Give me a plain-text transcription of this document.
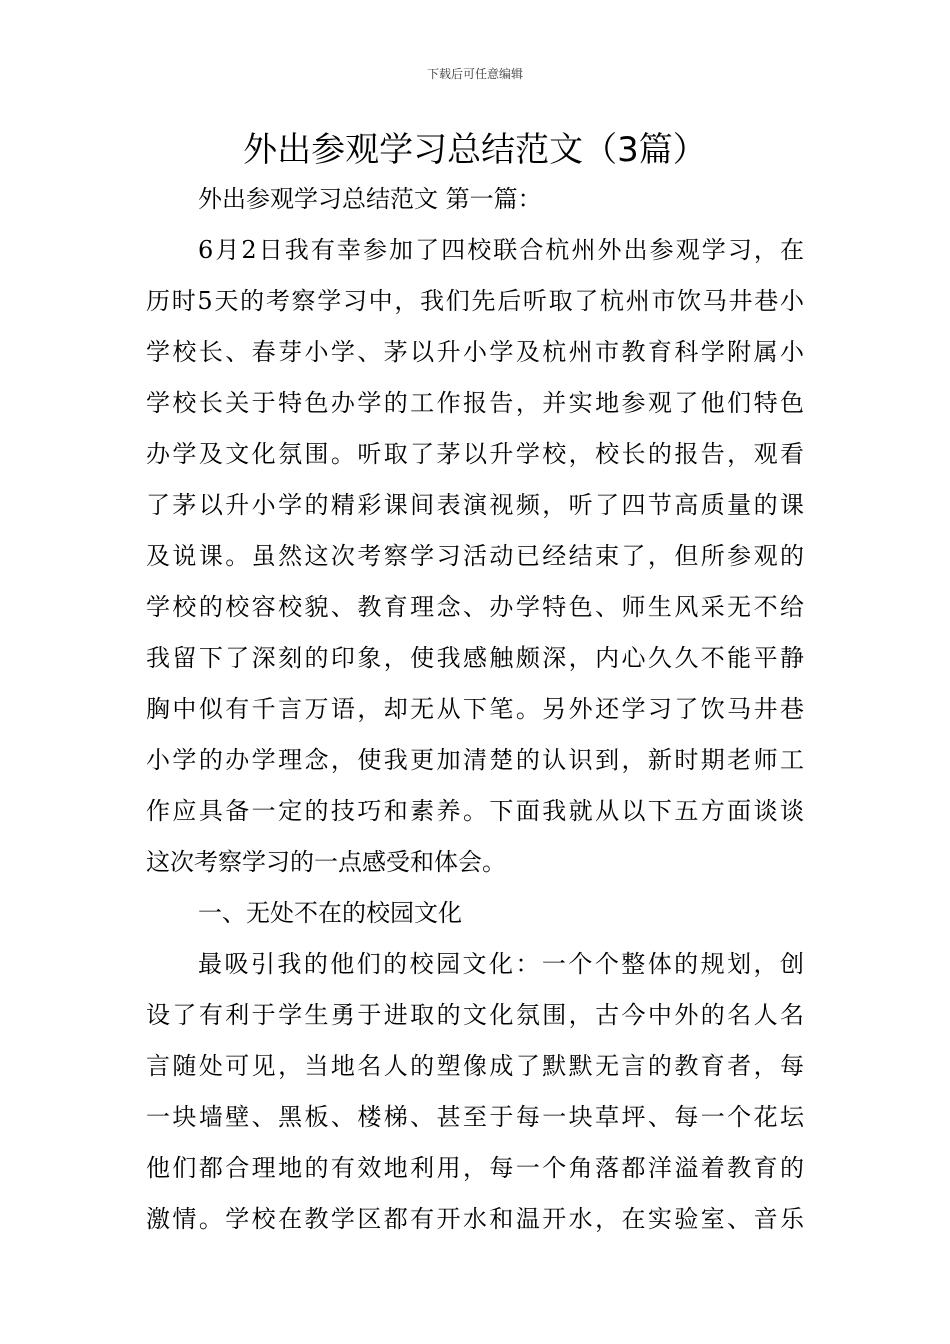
下载后可任意编辑
外出参观学习总结范文（3篇）
外出参观学习总结范文 第一篇：
6月2日我有幸参加了四校联合杭州外出参观学习，在
历时5天的考察学习中，我们先后听取了杭州市饮马井巷小
学校长、春芽小学、茅以升小学及杭州市教育科学附属小
学校长关于特色办学的工作报告，并实地参观了他们特色
办学及文化氛围。听取了茅以升学校，校长的报告，观看
了茅以升小学的精彩课间表演视频，听了四节高质量的课
及说课。虽然这次考察学习活动已经结束了，但所参观的
学校的校容校貌、教育理念、办学特色、师生风采无不给
我留下了深刻的印象，使我感触颇深，内心久久不能平静
胸中似有千言万语，却无从下笔。另外还学习了饮马井巷
小学的办学理念，使我更加清楚的认识到，新时期老师工
作应具备一定的技巧和素养。下面我就从以下五方面谈谈
这次考察学习的一点感受和体会。
一、无处不在的校园文化
最吸引我的他们的校园文化：一个个整体的规划，创
设了有利于学生勇于进取的文化氛围，古今中外的名人名
言随处可见，当地名人的塑像成了默默无言的教育者，每
一块墙壁、黑板、楼梯、甚至于每一块草坪、每一个花坛
他们都合理地的有效地利用，每一个角落都洋溢着教育的
激情。学校在教学区都有开水和温开水，在实验室、音乐
